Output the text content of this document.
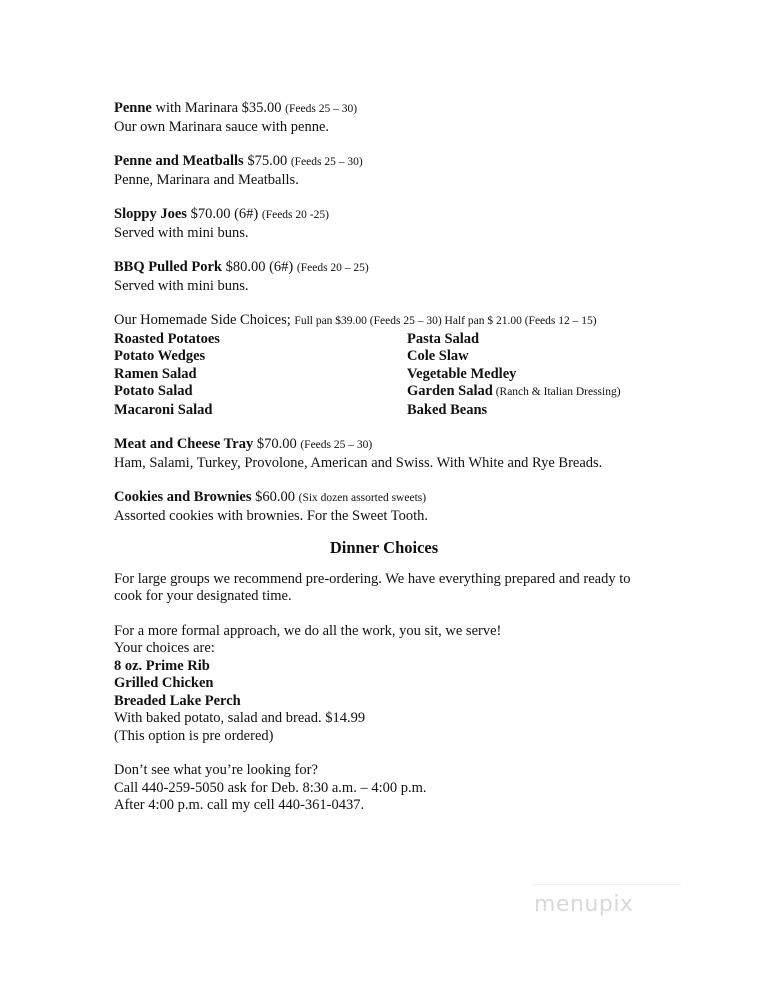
Penne with Marinara $35.00 (Feeds 25 – 30)
Our own Marinara sauce with penne.
Penne and Meatballs $75.00 (Feeds 25 – 30)
Penne, Marinara and Meatballs.
Sloppy Joes $70.00 (6#) (Feeds 20 -25)
Served with mini buns.
BBQ Pulled Pork $80.00 (6#) (Feeds 20 – 25)
Served with mini buns.
Our Homemade Side Choices; Full pan $39.00 (Feeds 25 – 30) Half pan $ 21.00 (Feeds 12 – 15)
Roasted Potatoes	Pasta Salad
Potato Wedges	Cole Slaw
Ramen Salad	Vegetable Medley
Potato Salad	Garden Salad (Ranch & Italian Dressing)
Macaroni Salad	Baked Beans
Meat and Cheese Tray $70.00 (Feeds 25 – 30)
Ham, Salami, Turkey, Provolone, American and Swiss. With White and Rye Breads.
Cookies and Brownies $60.00 (Six dozen assorted sweets)
Assorted cookies with brownies. For the Sweet Tooth.
Dinner Choices
For large groups we recommend pre-ordering. We have everything prepared and ready to
cook for your designated time.
For a more formal approach, we do all the work, you sit, we serve!
Your choices are:
8 oz. Prime Rib
Grilled Chicken
Breaded Lake Perch
With baked potato, salad and bread. $14.99
(This option is pre ordered)
Don’t see what you’re looking for?
Call 440-259-5050 ask for Deb. 8:30 a.m. – 4:00 p.m.
After 4:00 p.m. call my cell 440-361-0437.
menupix
